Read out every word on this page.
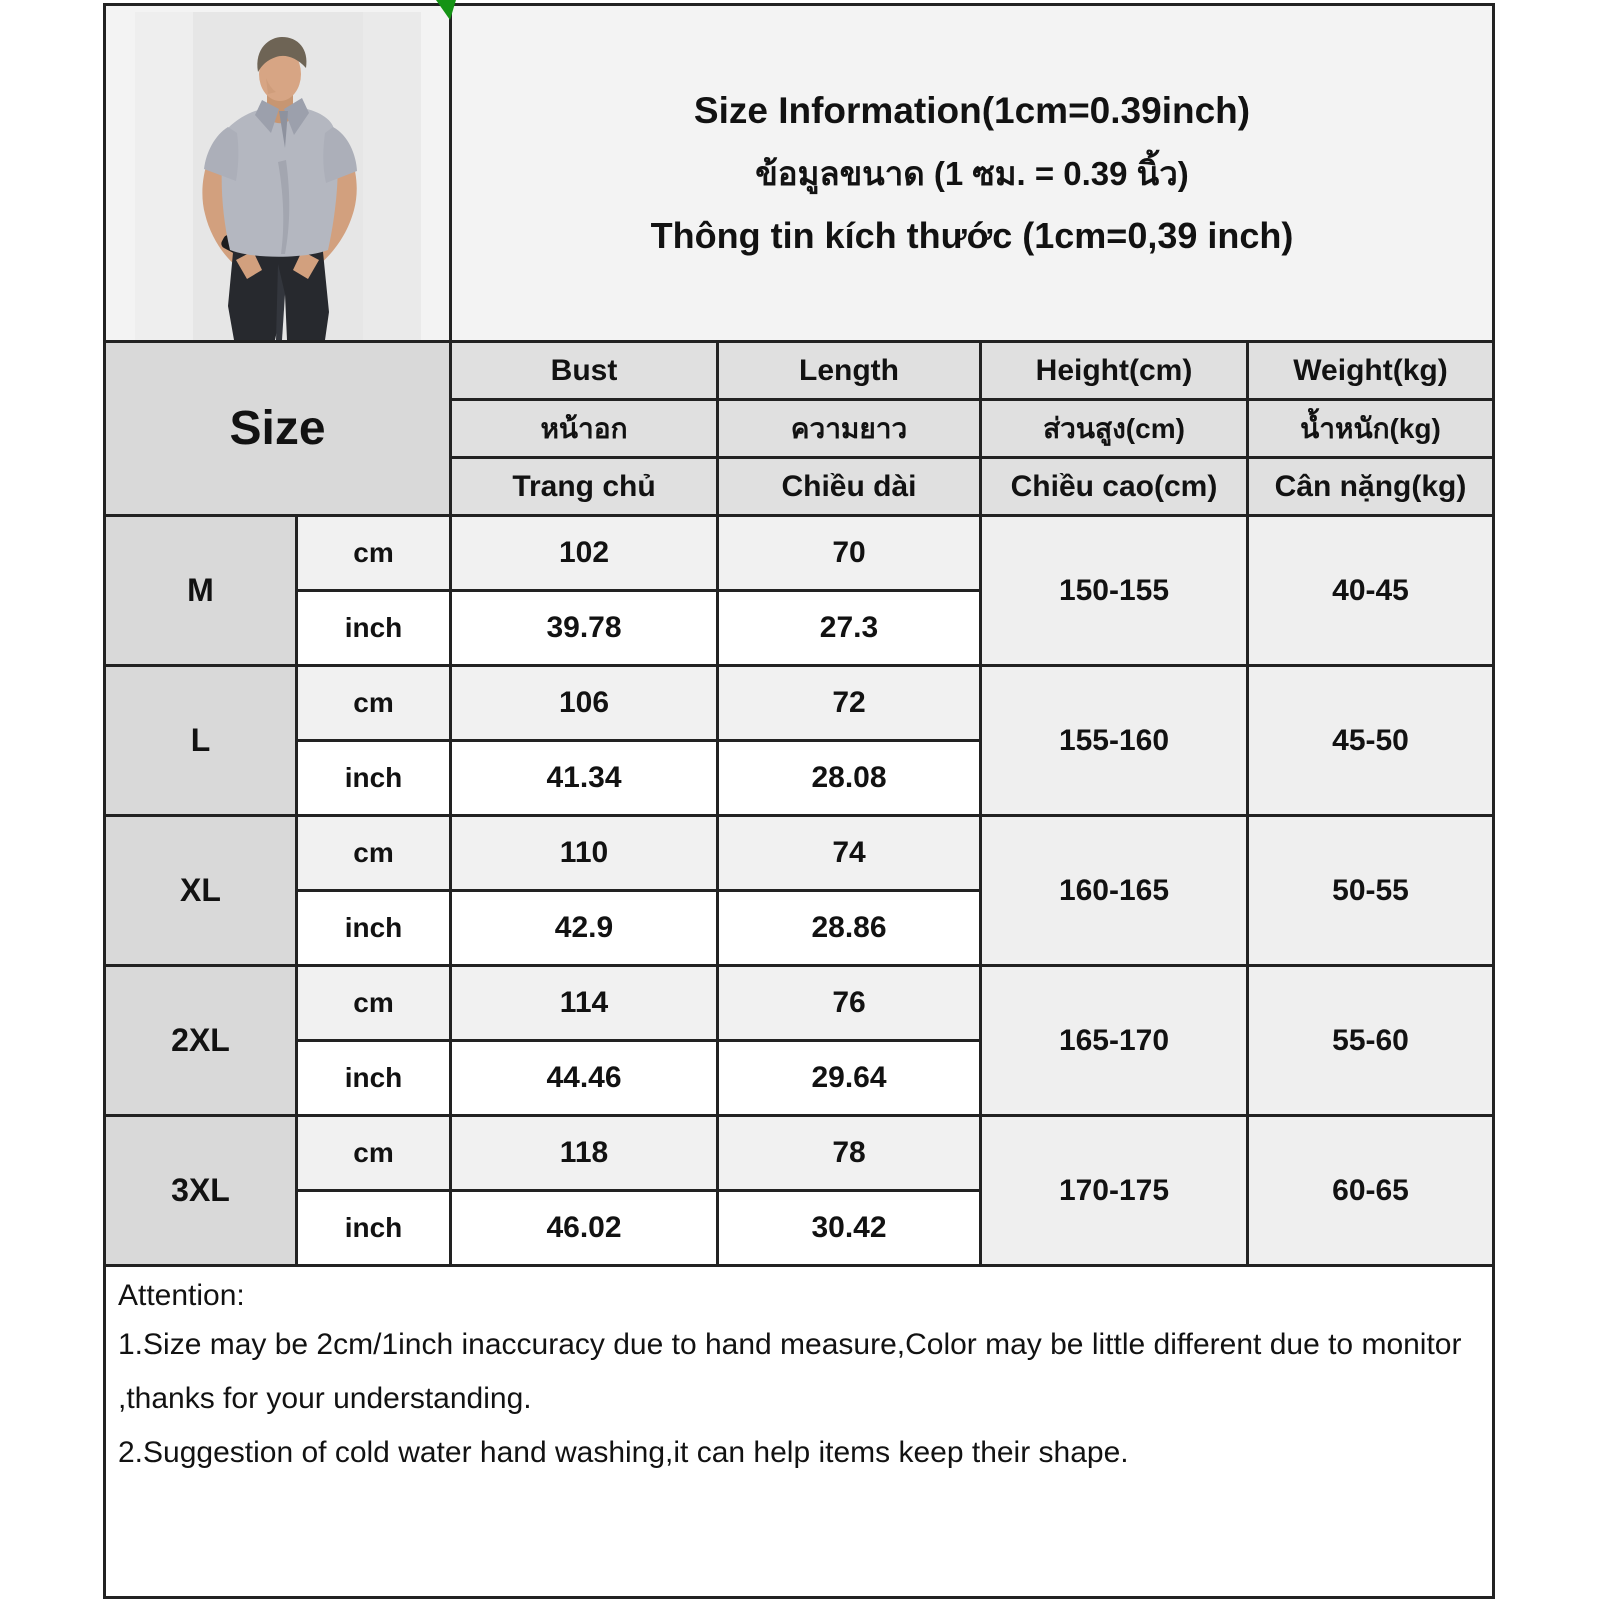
Size Information(1cm=0.39inch)
ข้อมูลขนาด (1 ซม. = 0.39 นิ้ว)
Thông tin kích thước (1cm=0,39 inch)			

Size		Bust	Length	Height(cm)	Weight(kg)
		หน้าอก	ความยาว	ส่วนสูง(cm)	น้ำหนัก(kg)
		Trang chủ	Chiều dài	Chiều cao(cm)	Cân nặng(kg)
M	cm	102	70	150-155	40-45
	inch	39.78	27.3		
L	cm	106	72	155-160	45-50
	inch	41.34	28.08		
XL	cm	110	74	160-165	50-55
	inch	42.9	28.86		
2XL	cm	114	76	165-170	55-60
	inch	44.46	29.64		
3XL	cm	118	78	170-175	60-65
	inch	46.02	30.42		

Attention:
1.Size may be 2cm/1inch inaccuracy due to hand measure,Color may be little different due to monitor ,thanks for your understanding.
2.Suggestion of cold water hand washing,it can help items keep their shape.					
